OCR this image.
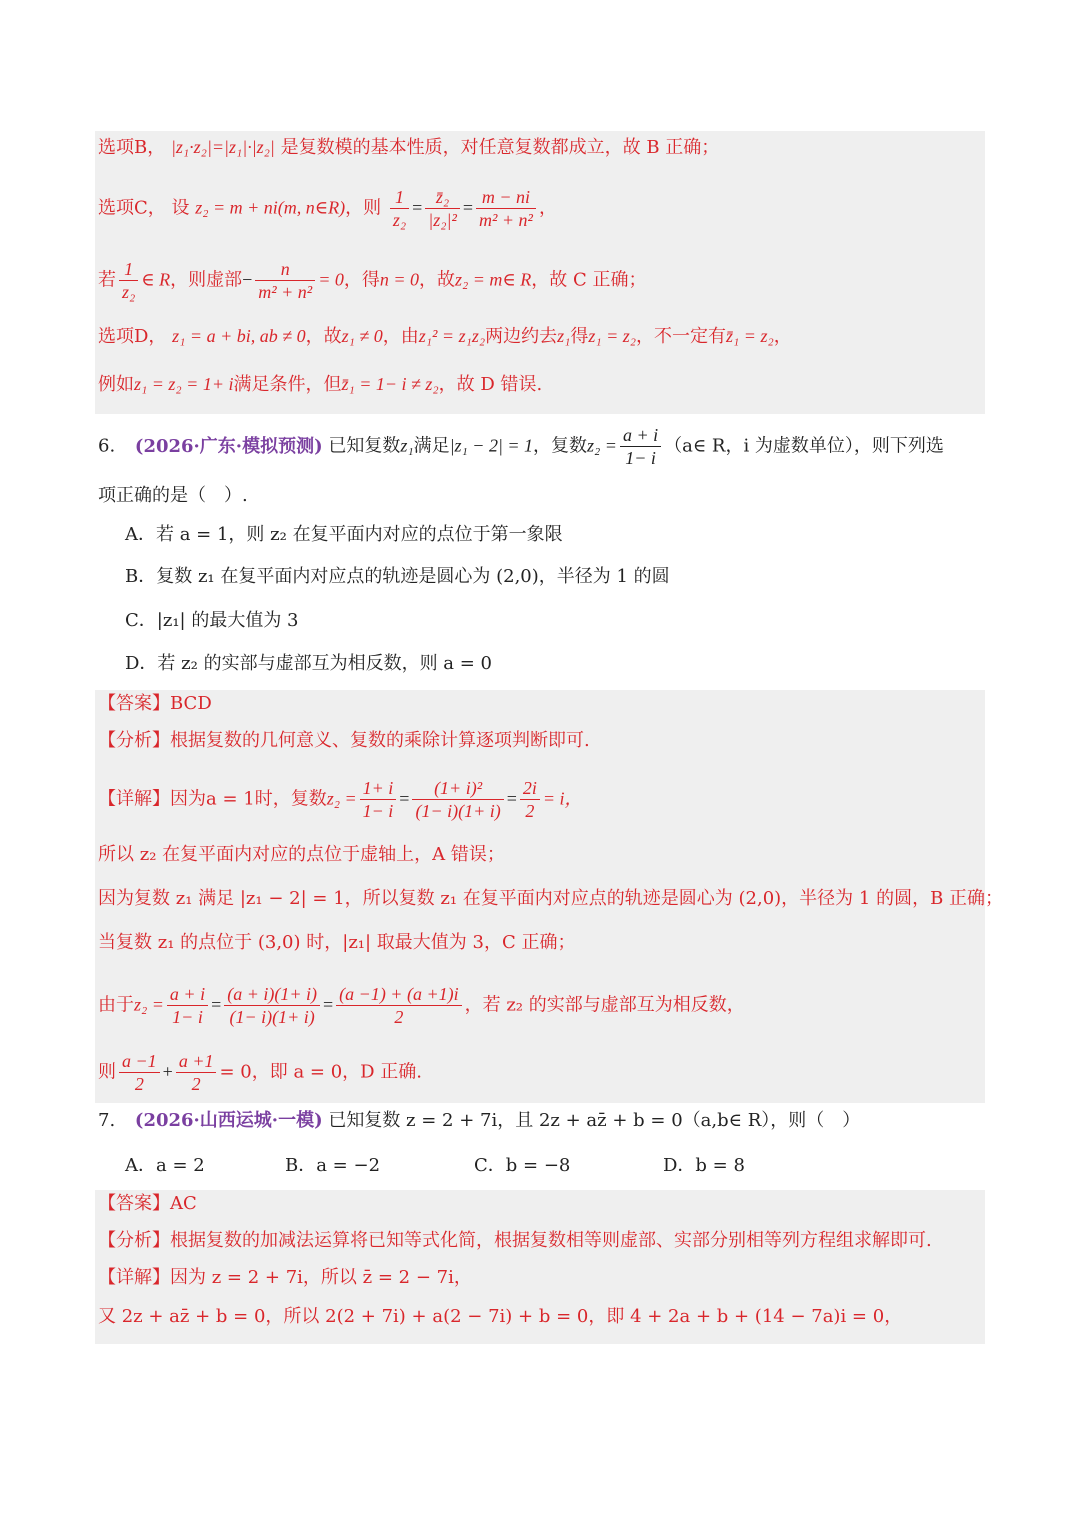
选项B， |z₁·z₂|=|z₁|·|z₂| 是复数模的基本性质，对任意复数都成立，故 B 正确；
选项C， 设 z₂ = m + ni(m, n∈R)，则 $\frac{1}{\text{z₂}} = \frac{\text{z̄₂}}{\text{|z₂|²}} = \frac{m - ni}{\text{m² + n²}}$ ，
若 $\frac{1}{\text{z₂}}$ ∈ R，则虚部− $\frac{n}{\text{m² + n²}} = 0$，得n = 0，故z₂ = m∈ R，故 C 正确；
选项D， z₁ = a + bi, ab ≠ 0，故z₁ ≠ 0，由z₁² = z₁z₂两边约去z₁得z₁ = z₂，不一定有z̄₁ = z₂，
例如z₁ = z₂ = 1+ i满足条件，但z̄₁ = 1− i ≠ z₂，故 D 错误.
6. (2026·广东·模拟预测) 已知复数z₁满足|z₁ − 2| = 1，复数$z_2 = \frac{a + i}{1- i}$ （a∈ R，i 为虚数单位），则下列选
项正确的是（　）.
A．若 a = 1，则 z₂ 在复平面内对应的点位于第一象限
B．复数 z₁ 在复平面内对应点的轨迹是圆心为 (2,0)，半径为 1 的圆
C．|z₁| 的最大值为 3
D．若 z₂ 的实部与虚部互为相反数，则 a = 0
【答案】BCD
【分析】根据复数的几何意义、复数的乘除计算逐项判断即可.
【详解】因为a = 1时，复数$z_2 = \frac{1+ i}{1- i} = \frac{\text{(1+ i)²}}{(1- i)(1+ i)} = \frac{2i}{2} = i$，
所以 z₂ 在复平面内对应的点位于虚轴上，A 错误；
因为复数 z₁ 满足 |z₁ − 2| = 1，所以复数 z₁ 在复平面内对应点的轨迹是圆心为 (2,0)，半径为 1 的圆，B 正确；
当复数 z₁ 的点位于 (3,0) 时，|z₁| 取最大值为 3，C 正确；
由于$z_2 = \frac{a + i}{1- i} = \frac{(a + i)(1+ i)}{(1- i)(1+ i)} = \frac{(a -1) + (a +1)i}{2}$ ，若 z₂ 的实部与虚部互为相反数，
则 $\frac{a -1}{2} + \frac{a +1}{2} = 0$，即 a = 0，D 正确.
7. (2026·山西运城·一模) 已知复数 z = 2 + 7i，且 2z + az̄ + b = 0（a,b∈ R），则（　）
A．a = 2	B．a = −2	C．b = −8	D．b = 8
【答案】AC
【分析】根据复数的加减法运算将已知等式化简，根据复数相等则虚部、实部分别相等列方程组求解即可.
【详解】因为 z = 2 + 7i，所以 z̄ = 2 − 7i，
又 2z + az̄ + b = 0，所以 2(2 + 7i) + a(2 − 7i) + b = 0，即 4 + 2a + b + (14 − 7a)i = 0，
